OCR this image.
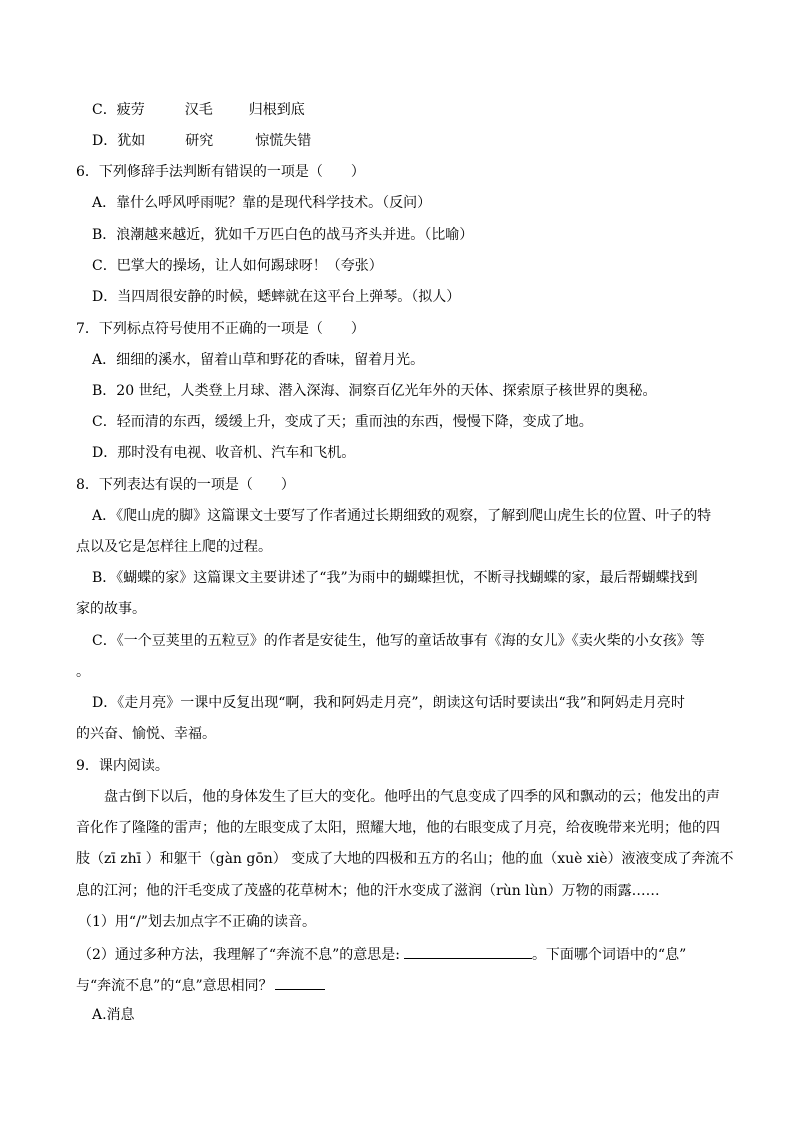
C．疲劳	汉毛	归根到底
D．犹如	研究	惊慌失错
6．下列修辞手法判断有错误的一项是（　　）
A．靠什么呼风呼雨呢？靠的是现代科学技术。（反问）
B．浪潮越来越近，犹如千万匹白色的战马齐头并进。（比喻）
C．巴掌大的操场，让人如何踢球呀！（夸张）
D．当四周很安静的时候，蟋蟀就在这平台上弹琴。（拟人）
7．下列标点符号使用不正确的一项是（　　）
A．细细的溪水，留着山草和野花的香味，留着月光。
B．20 世纪，人类登上月球、潜入深海、洞察百亿光年外的天体、探索原子核世界的奥秘。
C．轻而清的东西，缓缓上升，变成了天；重而浊的东西，慢慢下降，变成了地。
D．那时没有电视、收音机、汽车和飞机。
8．下列表达有误的一项是（　　）
A．《爬山虎的脚》这篇课文士要写了作者通过长期细致的观察，了解到爬山虎生长的位置、叶子的特
点以及它是怎样往上爬的过程。
B．《蝴蝶的家》这篇课文主要讲述了“我”为雨中的蝴蝶担忧，不断寻找蝴蝶的家，最后帮蝴蝶找到
家的故事。
C．《一个豆荚里的五粒豆》的作者是安徒生，他写的童话故事有《海的女儿》《卖火柴的小女孩》等
。
D．《走月亮》一课中反复出现“啊，我和阿妈走月亮”，朗读这句话时要读出“我”和阿妈走月亮时
的兴奋、愉悦、幸福。
9．课内阅读。
盘古倒下以后，他的身体发生了巨大的变化。他呼出的气息变成了四季的风和飘动的云；他发出的声
音化作了隆隆的雷声；他的左眼变成了太阳，照耀大地，他的右眼变成了月亮，给夜晚带来光明；他的四
肢（zī zhī ）和躯干（gàn gōn） 变成了大地的四极和五方的名山；他的血（xuè xiè）液液变成了奔流不
息的江河；他的汗毛变成了茂盛的花草树木；他的汗水变成了滋润（rùn lùn）万物的雨露……
（1）用“/”划去加点字不正确的读音。
（2）通过多种方法，我理解了“奔流不息”的意思是:	。下面哪个词语中的“息”
与“奔流不息”的“息”意思相同？
A.消息
